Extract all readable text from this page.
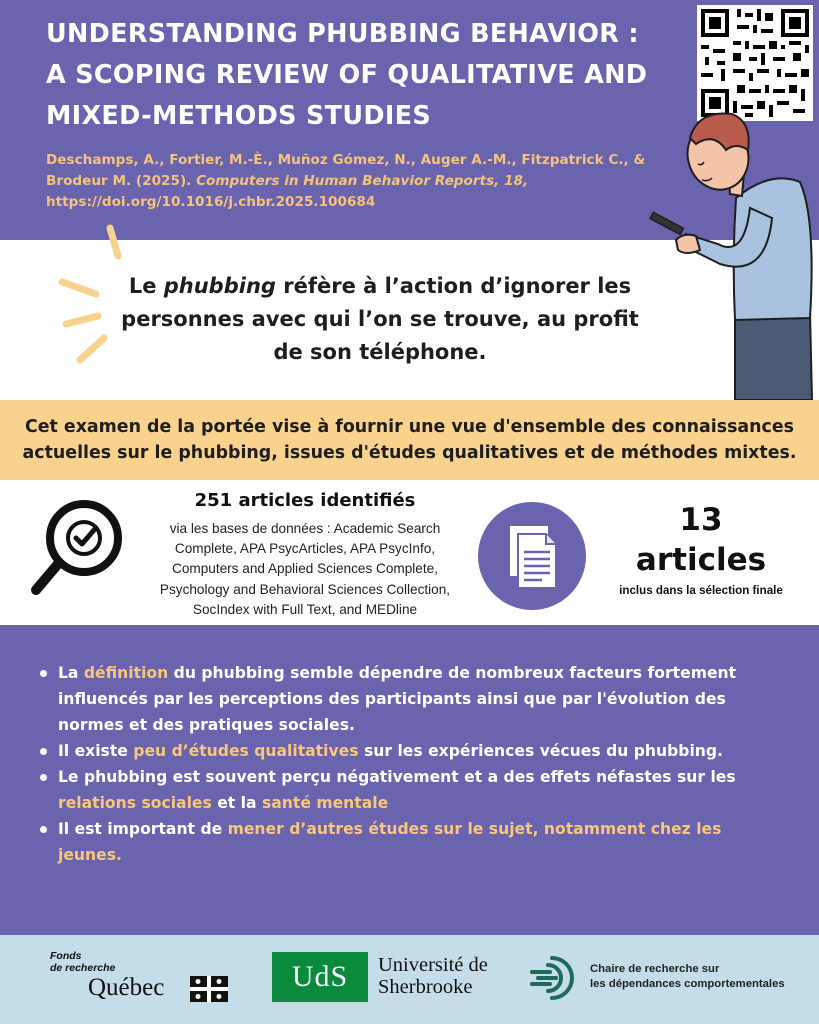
UNDERSTANDING PHUBBING BEHAVIOR :
A SCOPING REVIEW OF QUALITATIVE AND
MIXED-METHODS STUDIES
Deschamps, A., Fortier, M.-È., Muñoz Gómez, N., Auger A.-M., Fitzpatrick C., & Brodeur M. (2025). Computers in Human Behavior Reports, 18,
https://doi.org/10.1016/j.chbr.2025.100684
Le phubbing réfère à l’action d’ignorer les personnes avec qui l’on se trouve, au profit de son téléphone.
Cet examen de la portée vise à fournir une vue d'ensemble des connaissances
actuelles sur le phubbing, issues d'études qualitatives et de méthodes mixtes.
251 articles identifiés
via les bases de données : Academic Search Complete, APA PsycArticles, APA PsycInfo, Computers and Applied Sciences Complete, Psychology and Behavioral Sciences Collection, SocIndex with Full Text, and MEDline
13
articles
inclus dans la sélection finale
La définition du phubbing semble dépendre de nombreux facteurs fortement influencés par les perceptions des participants ainsi que par l'évolution des normes et des pratiques sociales.
Il existe peu d’études qualitatives sur les expériences vécues du phubbing.
Le phubbing est souvent perçu négativement et a des effets néfastes sur les relations sociales et la santé mentale
Il est important de mener d’autres études sur le sujet, notamment chez les jeunes.
Fonds
de recherche
Québec	UdS	Université de
Sherbrooke
Chaire de recherche sur
les dépendances comportementales
